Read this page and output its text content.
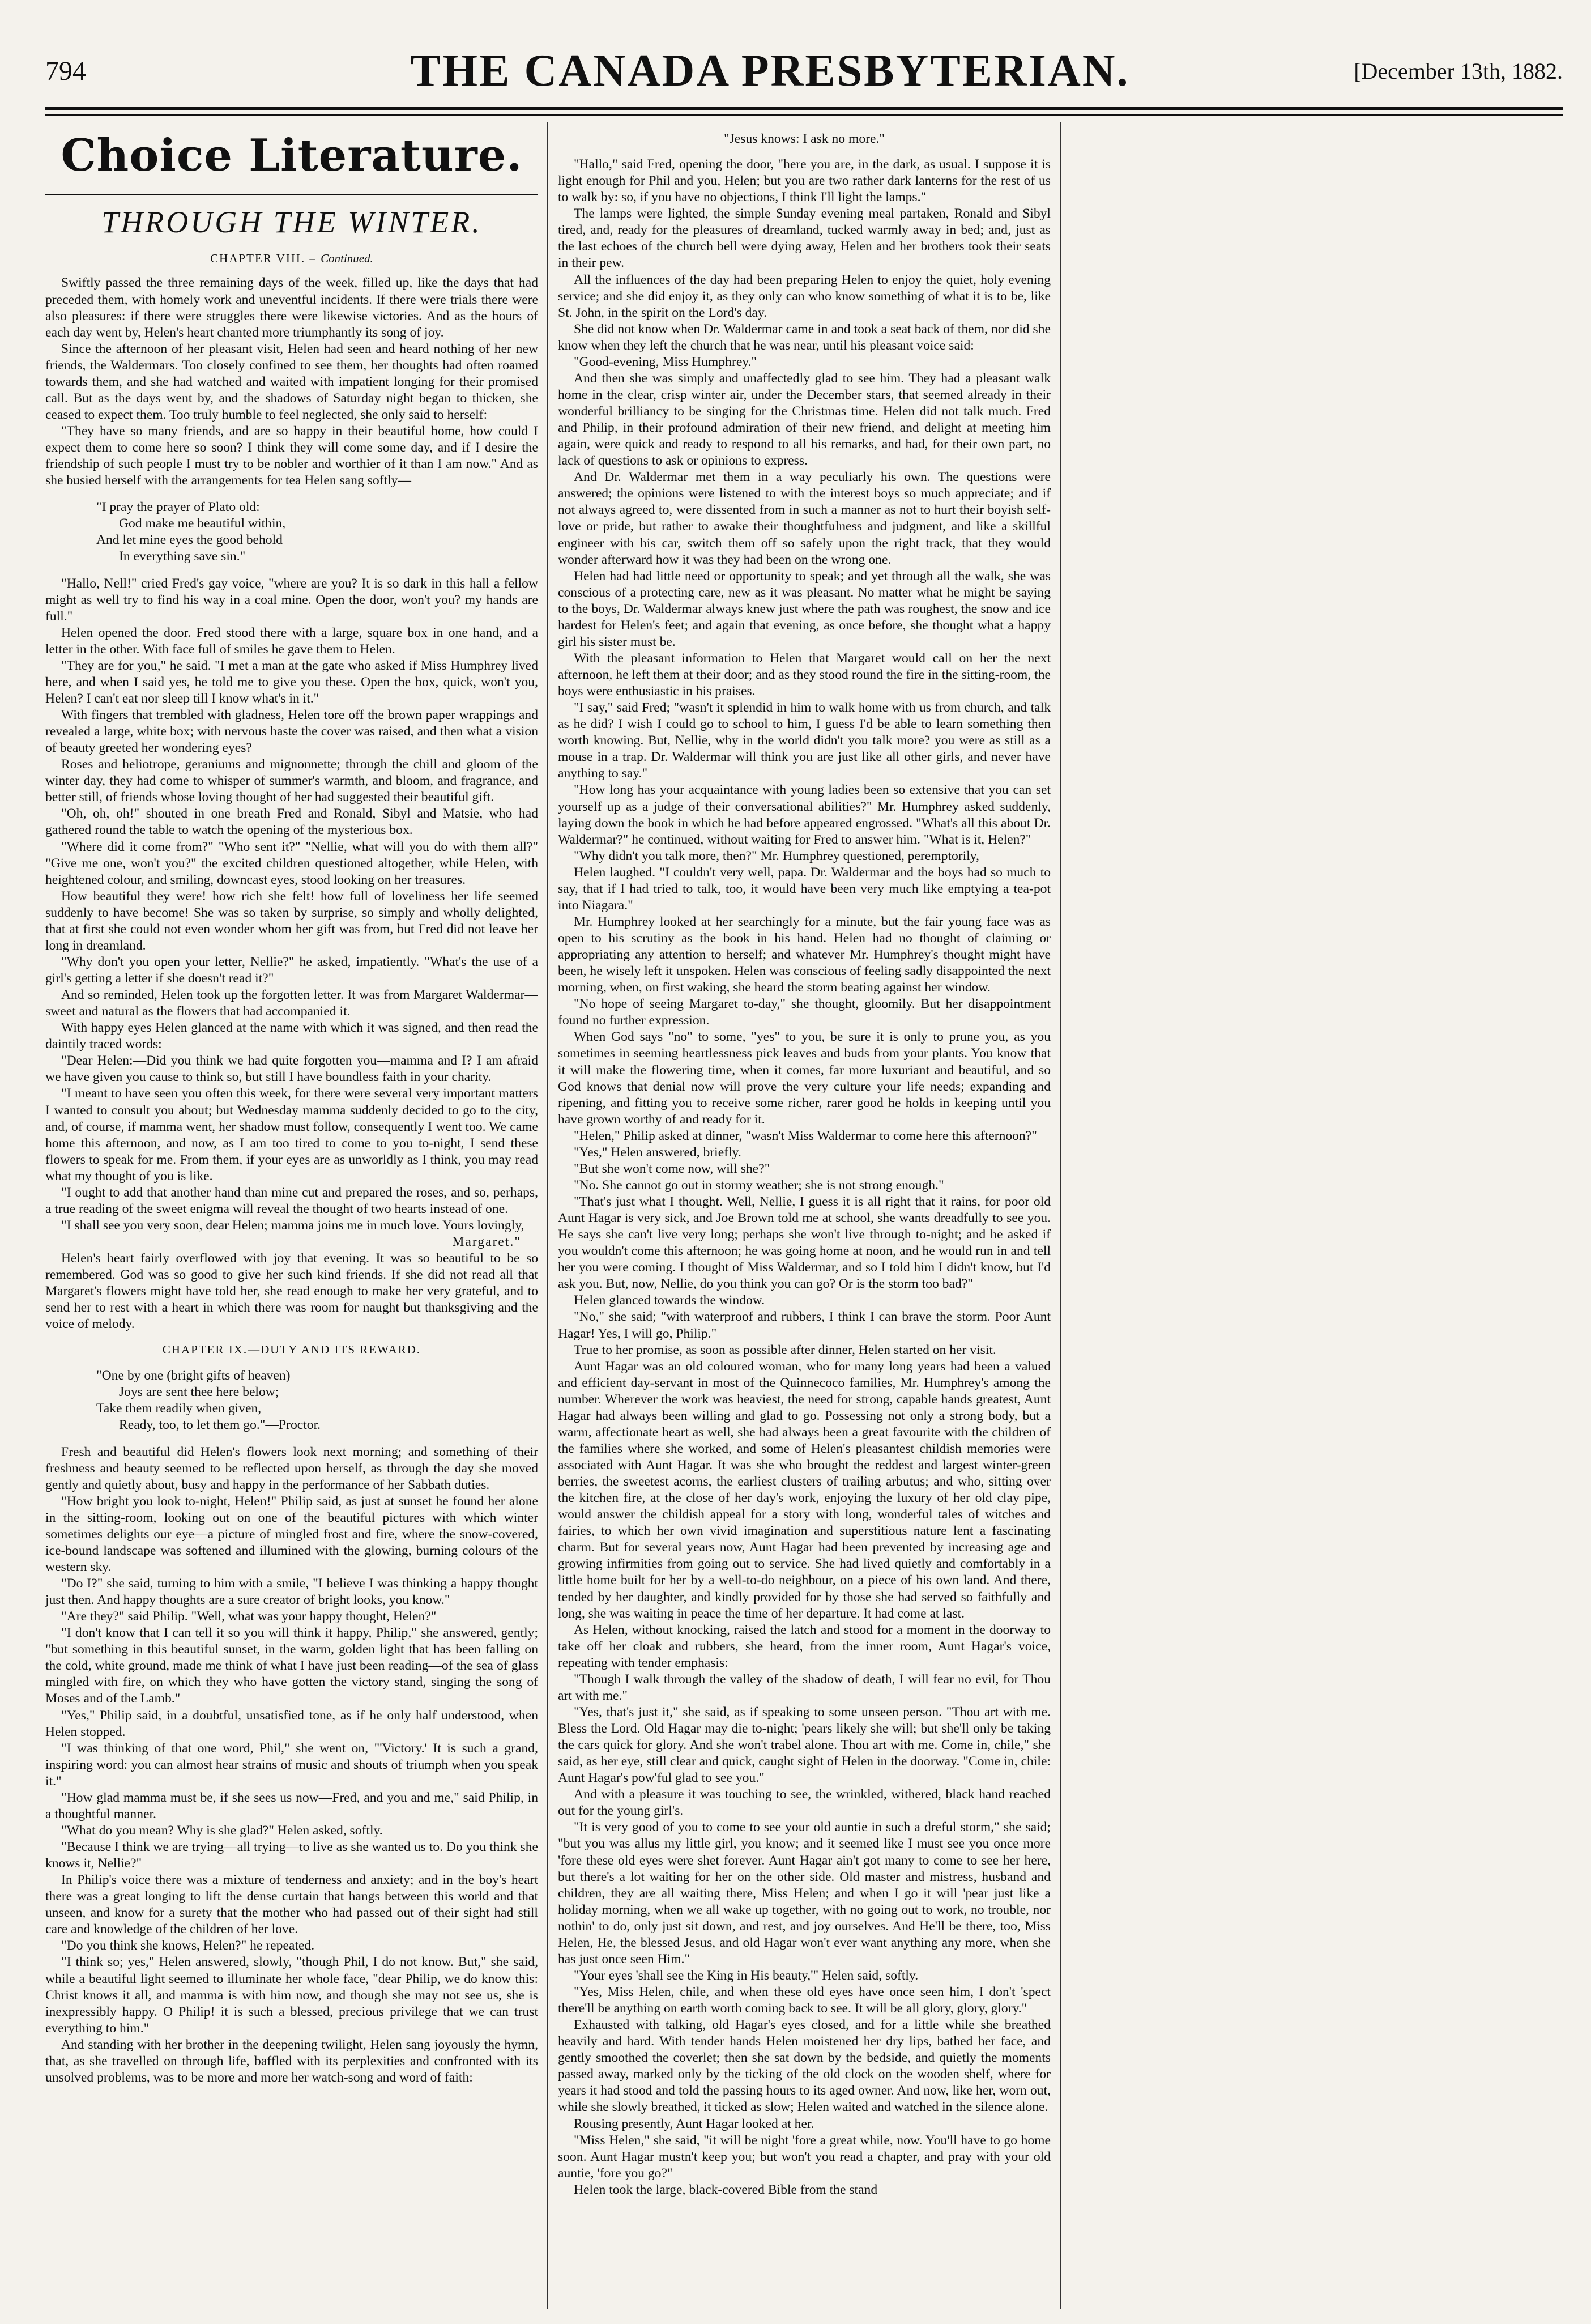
794	THE CANADA PRESBYTERIAN.	[December 13th, 1882.
Choice Literature.
THROUGH THE WINTER.
CHAPTER VIII. – Continued.

Swiftly passed the three remaining days of the week, filled up, like the days that had preceded them, with homely work and uneventful incidents. If there were trials there were also pleasures: if there were struggles there were likewise victories. And as the hours of each day went by, Helen's heart chanted more triumphantly its song of joy.

Since the afternoon of her pleasant visit, Helen had seen and heard nothing of her new friends, the Waldermars. Too closely confined to see them, her thoughts had often roamed towards them, and she had watched and waited with impatient longing for their promised call. But as the days went by, and the shadows of Saturday night began to thicken, she ceased to expect them. Too truly humble to feel neglected, she only said to herself:

"They have so many friends, and are so happy in their beautiful home, how could I expect them to come here so soon? I think they will come some day, and if I desire the friendship of such people I must try to be nobler and worthier of it than I am now." And as she busied herself with the arrangements for tea Helen sang softly—

"I pray the prayer of Plato old:
God make me beautiful within,
And let mine eyes the good behold
In everything save sin."

"Hallo, Nell!" cried Fred's gay voice, "where are you? It is so dark in this hall a fellow might as well try to find his way in a coal mine. Open the door, won't you? my hands are full."

Helen opened the door. Fred stood there with a large, square box in one hand, and a letter in the other. With face full of smiles he gave them to Helen.

"They are for you," he said. "I met a man at the gate who asked if Miss Humphrey lived here, and when I said yes, he told me to give you these. Open the box, quick, won't you, Helen? I can't eat nor sleep till I know what's in it."

With fingers that trembled with gladness, Helen tore off the brown paper wrappings and revealed a large, white box; with nervous haste the cover was raised, and then what a vision of beauty greeted her wondering eyes?

Roses and heliotrope, geraniums and mignonnette; through the chill and gloom of the winter day, they had come to whisper of summer's warmth, and bloom, and fragrance, and better still, of friends whose loving thought of her had suggested their beautiful gift.

"Oh, oh, oh!" shouted in one breath Fred and Ronald, Sibyl and Matsie, who had gathered round the table to watch the opening of the mysterious box.

"Where did it come from?" "Who sent it?" "Nellie, what will you do with them all?" "Give me one, won't you?" the excited children questioned altogether, while Helen, with heightened colour, and smiling, downcast eyes, stood looking on her treasures.

How beautiful they were! how rich she felt! how full of loveliness her life seemed suddenly to have become! She was so taken by surprise, so simply and wholly delighted, that at first she could not even wonder whom her gift was from, but Fred did not leave her long in dreamland.

"Why don't you open your letter, Nellie?" he asked, impatiently. "What's the use of a girl's getting a letter if she doesn't read it?"

And so reminded, Helen took up the forgotten letter. It was from Margaret Waldermar—sweet and natural as the flowers that had accompanied it.

With happy eyes Helen glanced at the name with which it was signed, and then read the daintily traced words:

"Dear Helen:—Did you think we had quite forgotten you—mamma and I? I am afraid we have given you cause to think so, but still I have boundless faith in your charity.

"I meant to have seen you often this week, for there were several very important matters I wanted to consult you about; but Wednesday mamma suddenly decided to go to the city, and, of course, if mamma went, her shadow must follow, consequently I went too. We came home this afternoon, and now, as I am too tired to come to you to-night, I send these flowers to speak for me. From them, if your eyes are as unworldly as I think, you may read what my thought of you is like.

"I ought to add that another hand than mine cut and prepared the roses, and so, perhaps, a true reading of the sweet enigma will reveal the thought of two hearts instead of one.

"I shall see you very soon, dear Helen; mamma joins me in much love. Yours lovingly,

Margaret."

Helen's heart fairly overflowed with joy that evening. It was so beautiful to be so remembered. God was so good to give her such kind friends. If she did not read all that Margaret's flowers might have told her, she read enough to make her very grateful, and to send her to rest with a heart in which there was room for naught but thanksgiving and the voice of melody.

CHAPTER IX.—DUTY AND ITS REWARD.
"One by one (bright gifts of heaven)
Joys are sent thee here below;
Take them readily when given,
Ready, too, to let them go."—Proctor.

Fresh and beautiful did Helen's flowers look next morning; and something of their freshness and beauty seemed to be reflected upon herself, as through the day she moved gently and quietly about, busy and happy in the performance of her Sabbath duties.

"How bright you look to-night, Helen!" Philip said, as just at sunset he found her alone in the sitting-room, looking out on one of the beautiful pictures with which winter sometimes delights our eye—a picture of mingled frost and fire, where the snow-covered, ice-bound landscape was softened and illumined with the glowing, burning colours of the western sky.

"Do I?" she said, turning to him with a smile, "I believe I was thinking a happy thought just then. And happy thoughts are a sure creator of bright looks, you know."

"Are they?" said Philip. "Well, what was your happy thought, Helen?"

"I don't know that I can tell it so you will think it happy, Philip," she answered, gently; "but something in this beautiful sunset, in the warm, golden light that has been falling on the cold, white ground, made me think of what I have just been reading—of the sea of glass mingled with fire, on which they who have gotten the victory stand, singing the song of Moses and of the Lamb."

"Yes," Philip said, in a doubtful, unsatisfied tone, as if he only half understood, when Helen stopped.

"I was thinking of that one word, Phil," she went on, "'Victory.' It is such a grand, inspiring word: you can almost hear strains of music and shouts of triumph when you speak it."

"How glad mamma must be, if she sees us now—Fred, and you and me," said Philip, in a thoughtful manner.

"What do you mean? Why is she glad?" Helen asked, softly.

"Because I think we are trying—all trying—to live as she wanted us to. Do you think she knows it, Nellie?"

In Philip's voice there was a mixture of tenderness and anxiety; and in the boy's heart there was a great longing to lift the dense curtain that hangs between this world and that unseen, and know for a surety that the mother who had passed out of their sight had still care and knowledge of the children of her love.

"Do you think she knows, Helen?" he repeated.

"I think so; yes," Helen answered, slowly, "though Phil, I do not know. But," she said, while a beautiful light seemed to illuminate her whole face, "dear Philip, we do know this: Christ knows it all, and mamma is with him now, and though she may not see us, she is inexpressibly happy. O Philip! it is such a blessed, precious privilege that we can trust everything to him."

And standing with her brother in the deepening twilight, Helen sang joyously the hymn, that, as she travelled on through life, baffled with its perplexities and confronted with its unsolved problems, was to be more and more her watch-song and word of faith:

"Jesus knows: I ask no more."

"Hallo," said Fred, opening the door, "here you are, in the dark, as usual. I suppose it is light enough for Phil and you, Helen; but you are two rather dark lanterns for the rest of us to walk by: so, if you have no objections, I think I'll light the lamps."

The lamps were lighted, the simple Sunday evening meal partaken, Ronald and Sibyl tired, and, ready for the pleasures of dreamland, tucked warmly away in bed; and, just as the last echoes of the church bell were dying away, Helen and her brothers took their seats in their pew.

All the influences of the day had been preparing Helen to enjoy the quiet, holy evening service; and she did enjoy it, as they only can who know something of what it is to be, like St. John, in the spirit on the Lord's day.

She did not know when Dr. Waldermar came in and took a seat back of them, nor did she know when they left the church that he was near, until his pleasant voice said:

"Good-evening, Miss Humphrey."

And then she was simply and unaffectedly glad to see him. They had a pleasant walk home in the clear, crisp winter air, under the December stars, that seemed already in their wonderful brilliancy to be singing for the Christmas time. Helen did not talk much. Fred and Philip, in their profound admiration of their new friend, and delight at meeting him again, were quick and ready to respond to all his remarks, and had, for their own part, no lack of questions to ask or opinions to express.

And Dr. Waldermar met them in a way peculiarly his own. The questions were answered; the opinions were listened to with the interest boys so much appreciate; and if not always agreed to, were dissented from in such a manner as not to hurt their boyish self-love or pride, but rather to awake their thoughtfulness and judgment, and like a skillful engineer with his car, switch them off so safely upon the right track, that they would wonder afterward how it was they had been on the wrong one.

Helen had had little need or opportunity to speak; and yet through all the walk, she was conscious of a protecting care, new as it was pleasant. No matter what he might be saying to the boys, Dr. Waldermar always knew just where the path was roughest, the snow and ice hardest for Helen's feet; and again that evening, as once before, she thought what a happy girl his sister must be.

With the pleasant information to Helen that Margaret would call on her the next afternoon, he left them at their door; and as they stood round the fire in the sitting-room, the boys were enthusiastic in his praises.

"I say," said Fred; "wasn't it splendid in him to walk home with us from church, and talk as he did? I wish I could go to school to him, I guess I'd be able to learn something then worth knowing. But, Nellie, why in the world didn't you talk more? you were as still as a mouse in a trap. Dr. Waldermar will think you are just like all other girls, and never have anything to say."

"How long has your acquaintance with young ladies been so extensive that you can set yourself up as a judge of their conversational abilities?" Mr. Humphrey asked suddenly, laying down the book in which he had before appeared engrossed. "What's all this about Dr. Waldermar?" he continued, without waiting for Fred to answer him. "What is it, Helen?"

"Why didn't you talk more, then?" Mr. Humphrey questioned, peremptorily,

Helen laughed. "I couldn't very well, papa. Dr. Waldermar and the boys had so much to say, that if I had tried to talk, too, it would have been very much like emptying a tea-pot into Niagara."

Mr. Humphrey looked at her searchingly for a minute, but the fair young face was as open to his scrutiny as the book in his hand. Helen had no thought of claiming or appropriating any attention to herself; and whatever Mr. Humphrey's thought might have been, he wisely left it unspoken. Helen was conscious of feeling sadly disappointed the next morning, when, on first waking, she heard the storm beating against her window.

"No hope of seeing Margaret to-day," she thought, gloomily. But her disappointment found no further expression.

When God says "no" to some, "yes" to you, be sure it is only to prune you, as you sometimes in seeming heartlessness pick leaves and buds from your plants. You know that it will make the flowering time, when it comes, far more luxuriant and beautiful, and so God knows that denial now will prove the very culture your life needs; expanding and ripening, and fitting you to receive some richer, rarer good he holds in keeping until you have grown worthy of and ready for it.

"Helen," Philip asked at dinner, "wasn't Miss Waldermar to come here this afternoon?"

"Yes," Helen answered, briefly.

"But she won't come now, will she?"

"No. She cannot go out in stormy weather; she is not strong enough."

"That's just what I thought. Well, Nellie, I guess it is all right that it rains, for poor old Aunt Hagar is very sick, and Joe Brown told me at school, she wants dreadfully to see you. He says she can't live very long; perhaps she won't live through to-night; and he asked if you wouldn't come this afternoon; he was going home at noon, and he would run in and tell her you were coming. I thought of Miss Waldermar, and so I told him I didn't know, but I'd ask you. But, now, Nellie, do you think you can go? Or is the storm too bad?"

Helen glanced towards the window.

"No," she said; "with waterproof and rubbers, I think I can brave the storm. Poor Aunt Hagar! Yes, I will go, Philip."

True to her promise, as soon as possible after dinner, Helen started on her visit.

Aunt Hagar was an old coloured woman, who for many long years had been a valued and efficient day-servant in most of the Quinnecoco families, Mr. Humphrey's among the number. Wherever the work was heaviest, the need for strong, capable hands greatest, Aunt Hagar had always been willing and glad to go. Possessing not only a strong body, but a warm, affectionate heart as well, she had always been a great favourite with the children of the families where she worked, and some of Helen's pleasantest childish memories were associated with Aunt Hagar. It was she who brought the reddest and largest winter-green berries, the sweetest acorns, the earliest clusters of trailing arbutus; and who, sitting over the kitchen fire, at the close of her day's work, enjoying the luxury of her old clay pipe, would answer the childish appeal for a story with long, wonderful tales of witches and fairies, to which her own vivid imagination and superstitious nature lent a fascinating charm. But for several years now, Aunt Hagar had been prevented by increasing age and growing infirmities from going out to service. She had lived quietly and comfortably in a little home built for her by a well-to-do neighbour, on a piece of his own land. And there, tended by her daughter, and kindly provided for by those she had served so faithfully and long, she was waiting in peace the time of her departure. It had come at last.

As Helen, without knocking, raised the latch and stood for a moment in the doorway to take off her cloak and rubbers, she heard, from the inner room, Aunt Hagar's voice, repeating with tender emphasis:

"Though I walk through the valley of the shadow of death, I will fear no evil, for Thou art with me."

"Yes, that's just it," she said, as if speaking to some unseen person. "Thou art with me. Bless the Lord. Old Hagar may die to-night; 'pears likely she will; but she'll only be taking the cars quick for glory. And she won't trabel alone. Thou art with me. Come in, chile," she said, as her eye, still clear and quick, caught sight of Helen in the doorway. "Come in, chile: Aunt Hagar's pow'ful glad to see you."

And with a pleasure it was touching to see, the wrinkled, withered, black hand reached out for the young girl's.

"It is very good of you to come to see your old auntie in such a dreful storm," she said; "but you was allus my little girl, you know; and it seemed like I must see you once more 'fore these old eyes were shet forever. Aunt Hagar ain't got many to come to see her here, but there's a lot waiting for her on the other side. Old master and mistress, husband and children, they are all waiting there, Miss Helen; and when I go it will 'pear just like a holiday morning, when we all wake up together, with no going out to work, no trouble, nor nothin' to do, only just sit down, and rest, and joy ourselves. And He'll be there, too, Miss Helen, He, the blessed Jesus, and old Hagar won't ever want anything any more, when she has just once seen Him."

"Your eyes 'shall see the King in His beauty,'" Helen said, softly.

"Yes, Miss Helen, chile, and when these old eyes have once seen him, I don't 'spect there'll be anything on earth worth coming back to see. It will be all glory, glory, glory."

Exhausted with talking, old Hagar's eyes closed, and for a little while she breathed heavily and hard. With tender hands Helen moistened her dry lips, bathed her face, and gently smoothed the coverlet; then she sat down by the bedside, and quietly the moments passed away, marked only by the ticking of the old clock on the wooden shelf, where for years it had stood and told the passing hours to its aged owner. And now, like her, worn out, while she slowly breathed, it ticked as slow; Helen waited and watched in the silence alone.

Rousing presently, Aunt Hagar looked at her.

"Miss Helen," she said, "it will be night 'fore a great while, now. You'll have to go home soon. Aunt Hagar mustn't keep you; but won't you read a chapter, and pray with your old auntie, 'fore you go?"

Helen took the large, black-covered Bible from the stand
